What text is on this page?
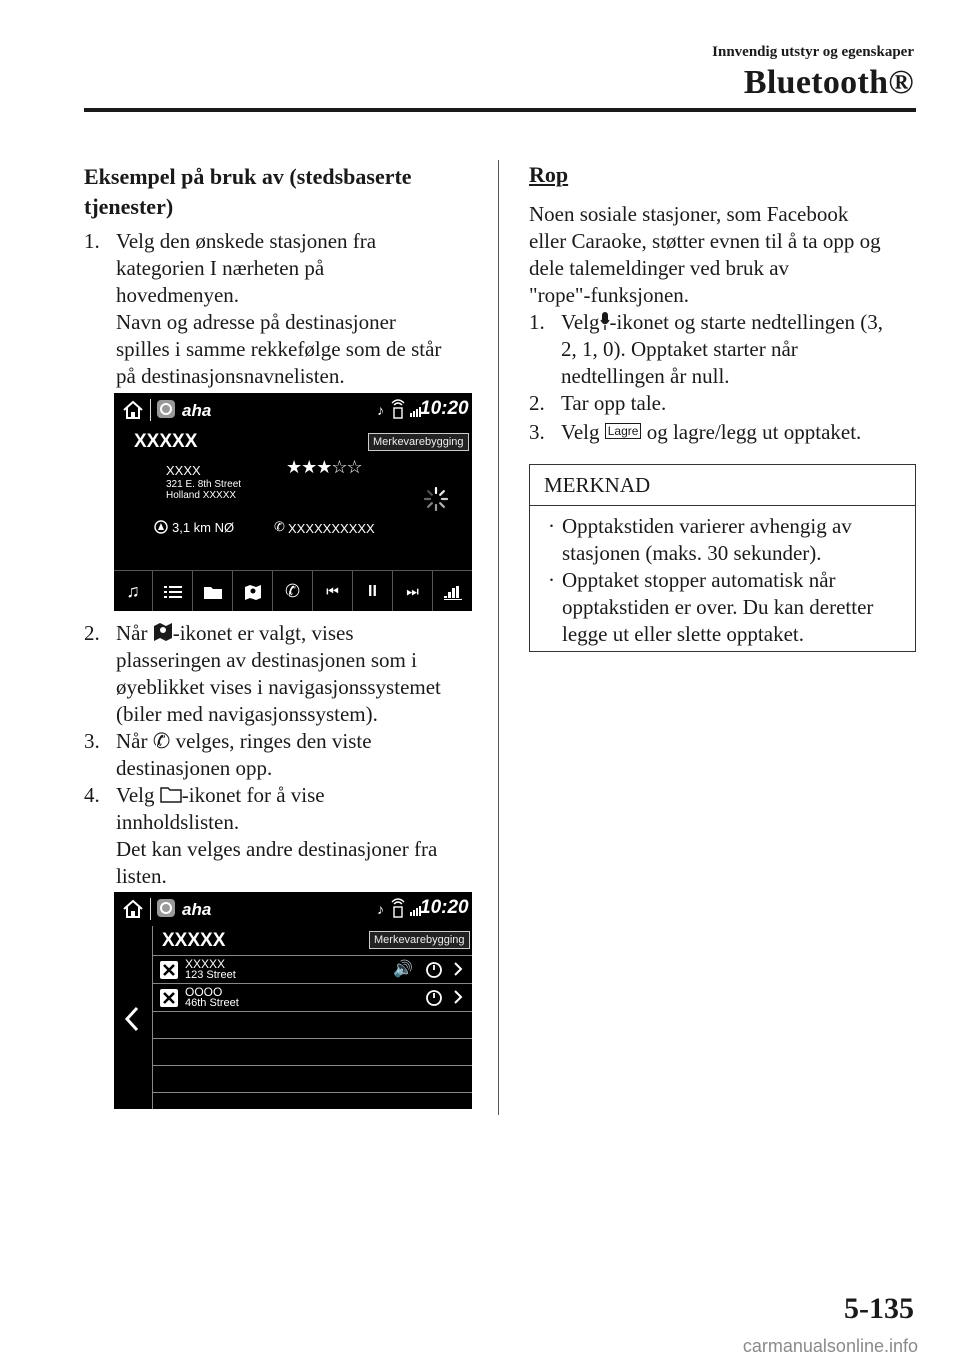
Innvendig utstyr og egenskaper
Bluetooth®
Eksempel på bruk av (stedsbaserte
tjenester)
1. Velg den ønskede stasjonen fra
kategorien I nærheten på
hovedmenyen.
Navn og adresse på destinasjoner
spilles i samme rekkefølge som de står
på destinasjonsnavnelisten.
aha	♪ 10:20
XXXXX	Merkevarebygging
XXXX
321 E. 8th Street
Holland XXXXX
★★★☆☆
3,1 km NØ	✆ XXXXXXXXXX
♫	✆ ⏮ II ⏭
2. Når -ikonet er valgt, vises
plasseringen av destinasjonen som i
øyeblikket vises i navigasjonssystemet
(biler med navigasjonssystem).
3. Når ✆ velges, ringes den viste
destinasjonen opp.
4. Velg -ikonet for å vise
innholdslisten.
Det kan velges andre destinasjoner fra
listen.
aha	♪ 10:20
XXXXX	Merkevarebygging
XXXXX
123 Street	🔊
OOOO
46th Street
Rop
Noen sosiale stasjoner, som Facebook
eller Caraoke, støtter evnen til å ta opp og
dele talemeldinger ved bruk av
"rope"-funksjonen.
1. Velg -ikonet og starte nedtellingen (3,
2, 1, 0). Opptaket starter når
nedtellingen år null.
2. Tar opp tale.
3. Velg Lagre og lagre/legg ut opptaket.
MERKNAD
· Opptakstiden varierer avhengig av
stasjonen (maks. 30 sekunder).
· Opptaket stopper automatisk når
opptakstiden er over. Du kan deretter
legge ut eller slette opptaket.
5-135
carmanualsonline.info
